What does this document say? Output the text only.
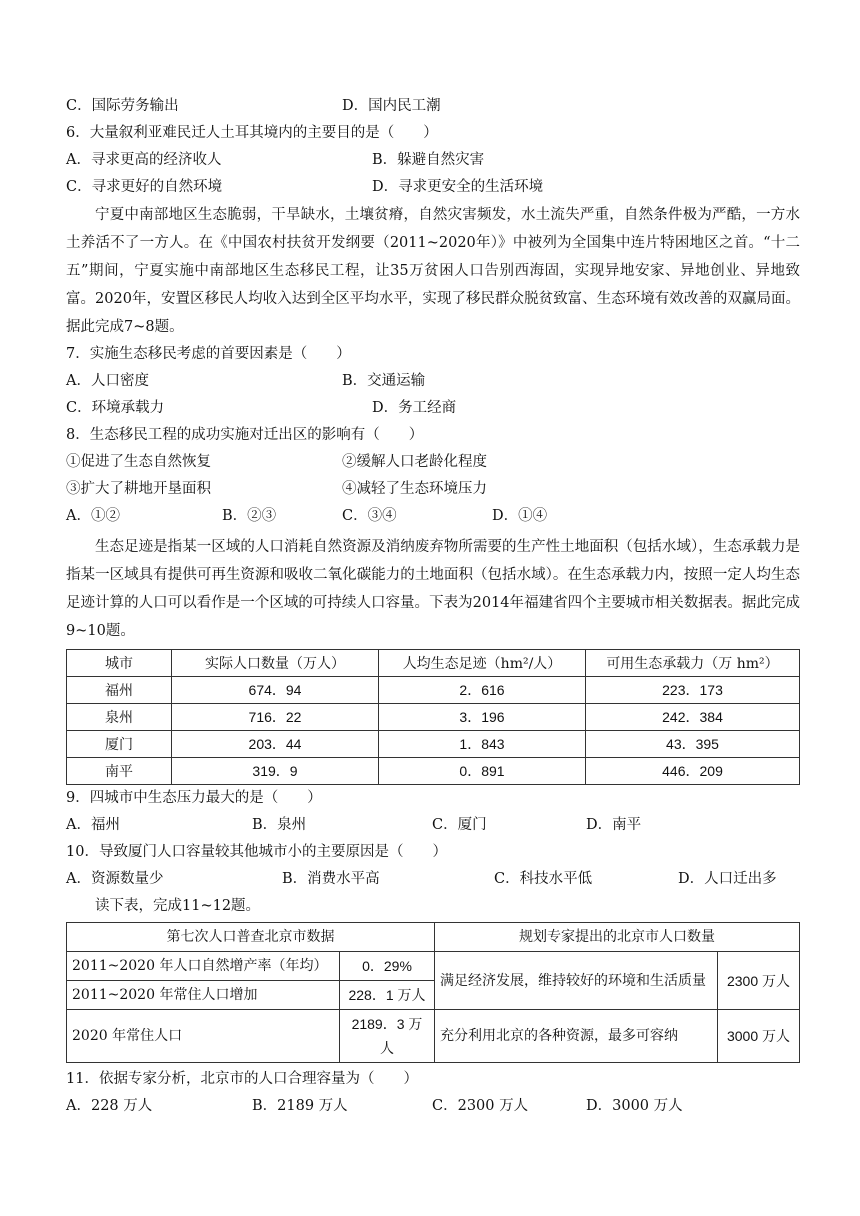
C．国际劳务输出	D．国内民工潮
6．大量叙利亚难民迁人土耳其境内的主要目的是（　　）
A．寻求更高的经济收人	B．躲避自然灾害
C．寻求更好的自然环境	D．寻求更安全的生活环境
宁夏中南部地区生态脆弱，干旱缺水，土壤贫瘠，自然灾害频发，水土流失严重，自然条件极为严酷，一方水土养活不了一方人。在《中国农村扶贫开发纲要（2011~2020年）》中被列为全国集中连片特困地区之首。“十二五”期间，宁夏实施中南部地区生态移民工程，让35万贫困人口告别西海固，实现异地安家、异地创业、异地致富。2020年，安置区移民人均收入达到全区平均水平，实现了移民群众脱贫致富、生态环境有效改善的双赢局面。据此完成7~8题。
7．实施生态移民考虑的首要因素是（　　）
A．人口密度	B．交通运输
C．环境承载力	D．务工经商
8．生态移民工程的成功实施对迁出区的影响有（　　）
①促进了生态自然恢复	②缓解人口老龄化程度
③扩大了耕地开垦面积	④减轻了生态环境压力
A．①②	B．②③	C．③④	D．①④
生态足迹是指某一区域的人口消耗自然资源及消纳废弃物所需要的生产性土地面积（包括水域），生态承载力是指某一区域具有提供可再生资源和吸收二氧化碳能力的土地面积（包括水域）。在生态承载力内，按照一定人均生态足迹计算的人口可以看作是一个区域的可持续人口容量。下表为2014年福建省四个主要城市相关数据表。据此完成9~10题。
城市	实际人口数量（万人）	人均生态足迹（hm²/人）	可用生态承载力（万 hm²）
福州	674．94	2．616	223．173
泉州	716．22	3．196	242．384
厦门	203．44	1．843	43．395
南平	319．9	0．891	446．209
9．四城市中生态压力最大的是（　　）
A．福州	B．泉州	C．厦门	D．南平
10．导致厦门人口容量较其他城市小的主要原因是（　　）
A．资源数量少	B．消费水平高	C．科技水平低	D．人口迁出多
读下表，完成11~12题。
第七次人口普查北京市数据		规划专家提出的北京市人口数量	
2011~2020 年人口自然增产率（年均）	0．29%	满足经济发展，维持较好的环境和生活质量	2300 万人
2011~2020 年常住人口增加	228．1 万人		
2020 年常住人口	2189．3 万人	充分利用北京的各种资源，最多可容纳	3000 万人
11．依据专家分析，北京市的人口合理容量为（　　）
A．228 万人	B．2189 万人	C．2300 万人	D．3000 万人
